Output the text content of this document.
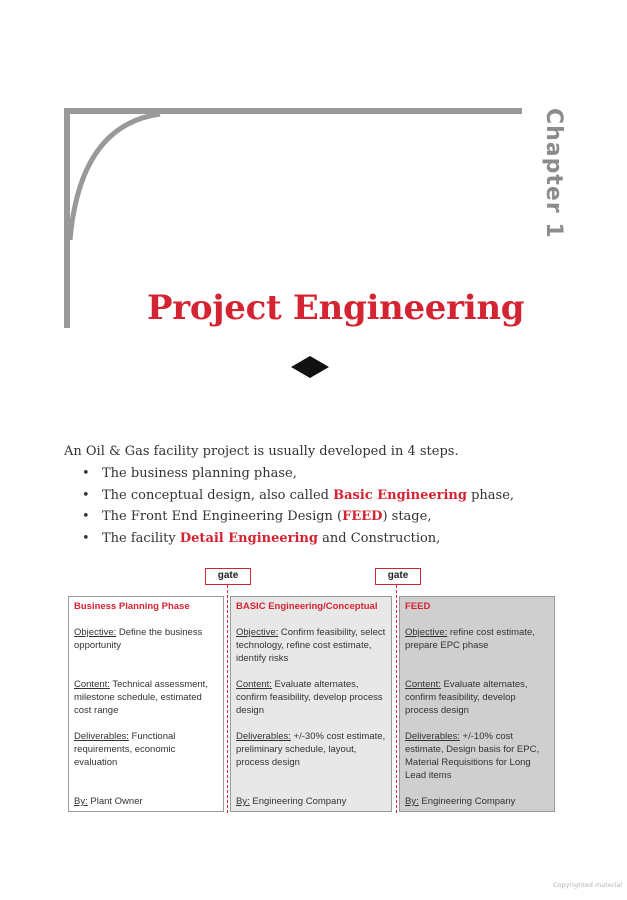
Chapter 1
Project Engineering
An Oil & Gas facility project is usually developed in 4 steps.
• The business planning phase,
• The conceptual design, also called Basic Engineering phase,
• The Front End Engineering Design (FEED) stage,
• The facility Detail Engineering and Construction,
gate	gate
Business Planning Phase
Objective: Define the business opportunity
Content: Technical assessment, milestone schedule, estimated cost range
Deliverables: Functional requirements, economic evaluation
By: Plant Owner
BASIC Engineering/Conceptual
Objective: Confirm feasibility, select technology, refine cost estimate, identify risks
Content: Evaluate alternates, confirm feasibility, develop process design
Deliverables: +/-30% cost estimate, preliminary schedule, layout, process design
By: Engineering Company
FEED
Objective: refine cost estimate, prepare EPC phase
Content: Evaluate alternates, confirm feasibility, develop process design
Deliverables: +/-10% cost estimate, Design basis for EPC, Material Requisitions for Long Lead items
By: Engineering Company
Copyrighted material
